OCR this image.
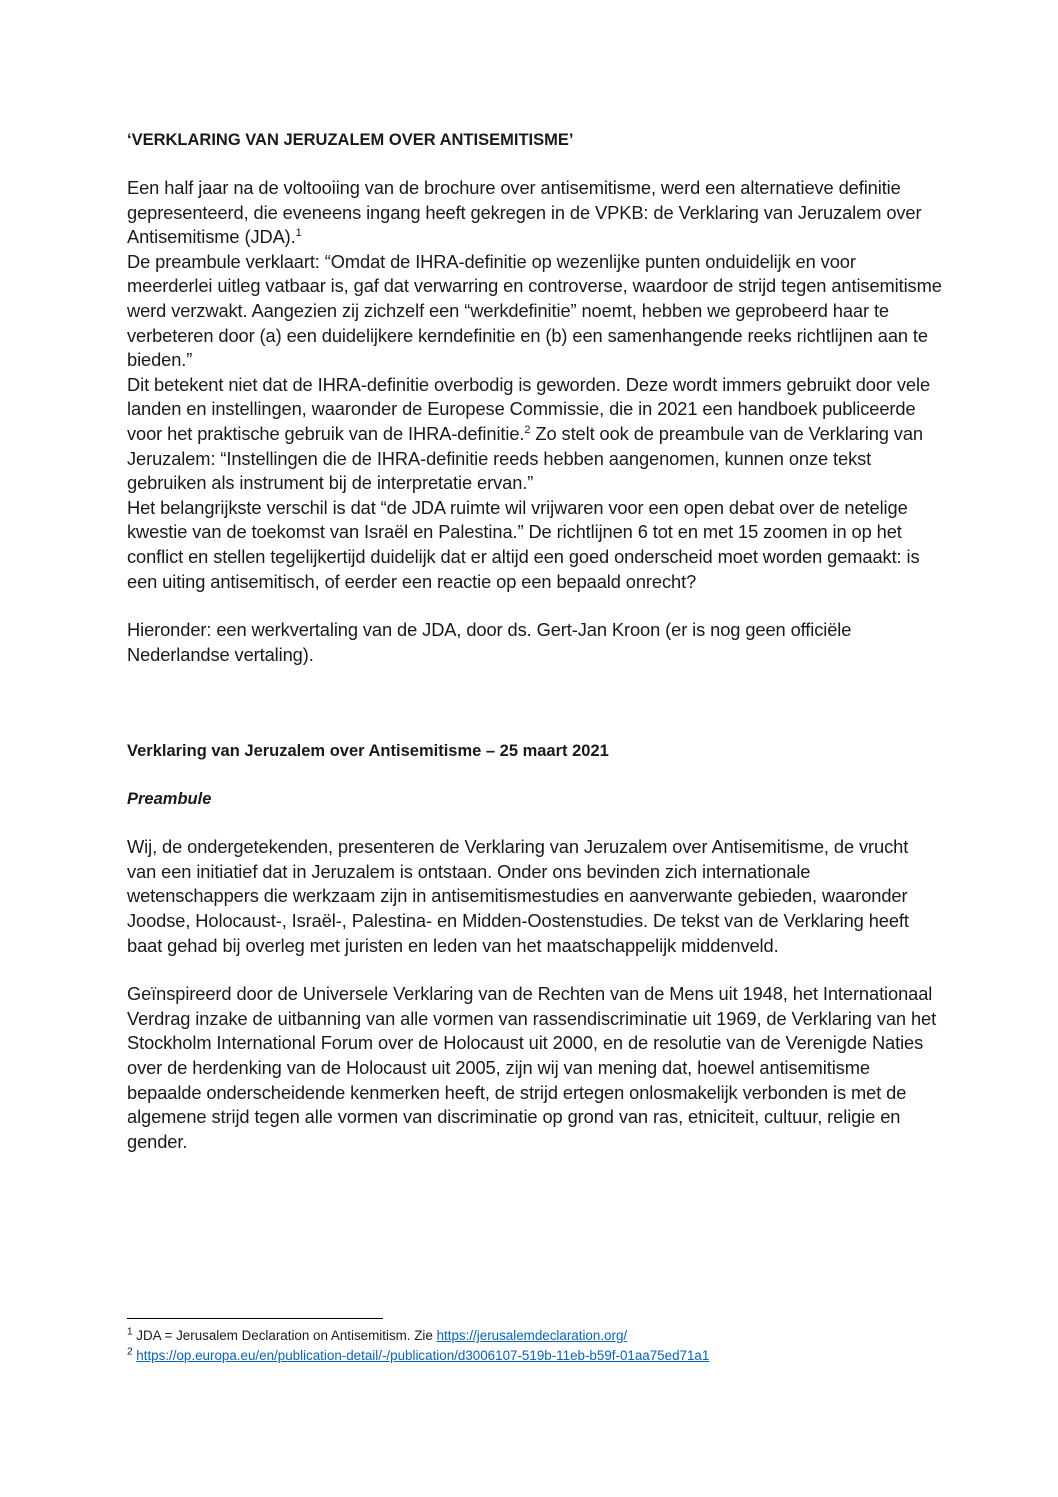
‘VERKLARING VAN JERUZALEM OVER ANTISEMITISME’

Een half jaar na de voltooiing van de brochure over antisemitisme, werd een alternatieve definitie gepresenteerd, die eveneens ingang heeft gekregen in de VPKB: de Verklaring van Jeruzalem over Antisemitisme (JDA).$^1$

De preambule verklaart: “Omdat de IHRA-definitie op wezenlijke punten onduidelijk en voor meerderlei uitleg vatbaar is, gaf dat verwarring en controverse, waardoor de strijd tegen antisemitisme werd verzwakt. Aangezien zij zichzelf een “werkdefinitie” noemt, hebben we geprobeerd haar te verbeteren door (a) een duidelijkere kerndefinitie en (b) een samenhangende reeks richtlijnen aan te bieden.”

Dit betekent niet dat de IHRA-definitie overbodig is geworden. Deze wordt immers gebruikt door vele landen en instellingen, waaronder de Europese Commissie, die in 2021 een handboek publiceerde voor het praktische gebruik van de IHRA-definitie.$^2$ Zo stelt ook de preambule van de Verklaring van Jeruzalem: “Instellingen die de IHRA-definitie reeds hebben aangenomen, kunnen onze tekst gebruiken als instrument bij de interpretatie ervan.”

Het belangrijkste verschil is dat “de JDA ruimte wil vrijwaren voor een open debat over de netelige kwestie van de toekomst van Israël en Palestina.” De richtlijnen 6 tot en met 15 zoomen in op het conflict en stellen tegelijkertijd duidelijk dat er altijd een goed onderscheid moet worden gemaakt: is een uiting antisemitisch, of eerder een reactie op een bepaald onrecht?

Hieronder: een werkvertaling van de JDA, door ds. Gert-Jan Kroon (er is nog geen officiële Nederlandse vertaling).

Verklaring van Jeruzalem over Antisemitisme – 25 maart 2021

Preambule

Wij, de ondergetekenden, presenteren de Verklaring van Jeruzalem over Antisemitisme, de vrucht van een initiatief dat in Jeruzalem is ontstaan. Onder ons bevinden zich internationale wetenschappers die werkzaam zijn in antisemitismestudies en aanverwante gebieden, waaronder Joodse, Holocaust-, Israël-, Palestina- en Midden-Oostenstudies. De tekst van de Verklaring heeft baat gehad bij overleg met juristen en leden van het maatschappelijk middenveld.

Geïnspireerd door de Universele Verklaring van de Rechten van de Mens uit 1948, het Internationaal Verdrag inzake de uitbanning van alle vormen van rassendiscriminatie uit 1969, de Verklaring van het Stockholm International Forum over de Holocaust uit 2000, en de resolutie van de Verenigde Naties over de herdenking van de Holocaust uit 2005, zijn wij van mening dat, hoewel antisemitisme bepaalde onderscheidende kenmerken heeft, de strijd ertegen onlosmakelijk verbonden is met de algemene strijd tegen alle vormen van discriminatie op grond van ras, etniciteit, cultuur, religie en gender.

$^1$ JDA = Jerusalem Declaration on Antisemitism. Zie https://jerusalemdeclaration.org/

$^2$ https://op.europa.eu/en/publication-detail/-/publication/d3006107-519b-11eb-b59f-01aa75ed71a1
